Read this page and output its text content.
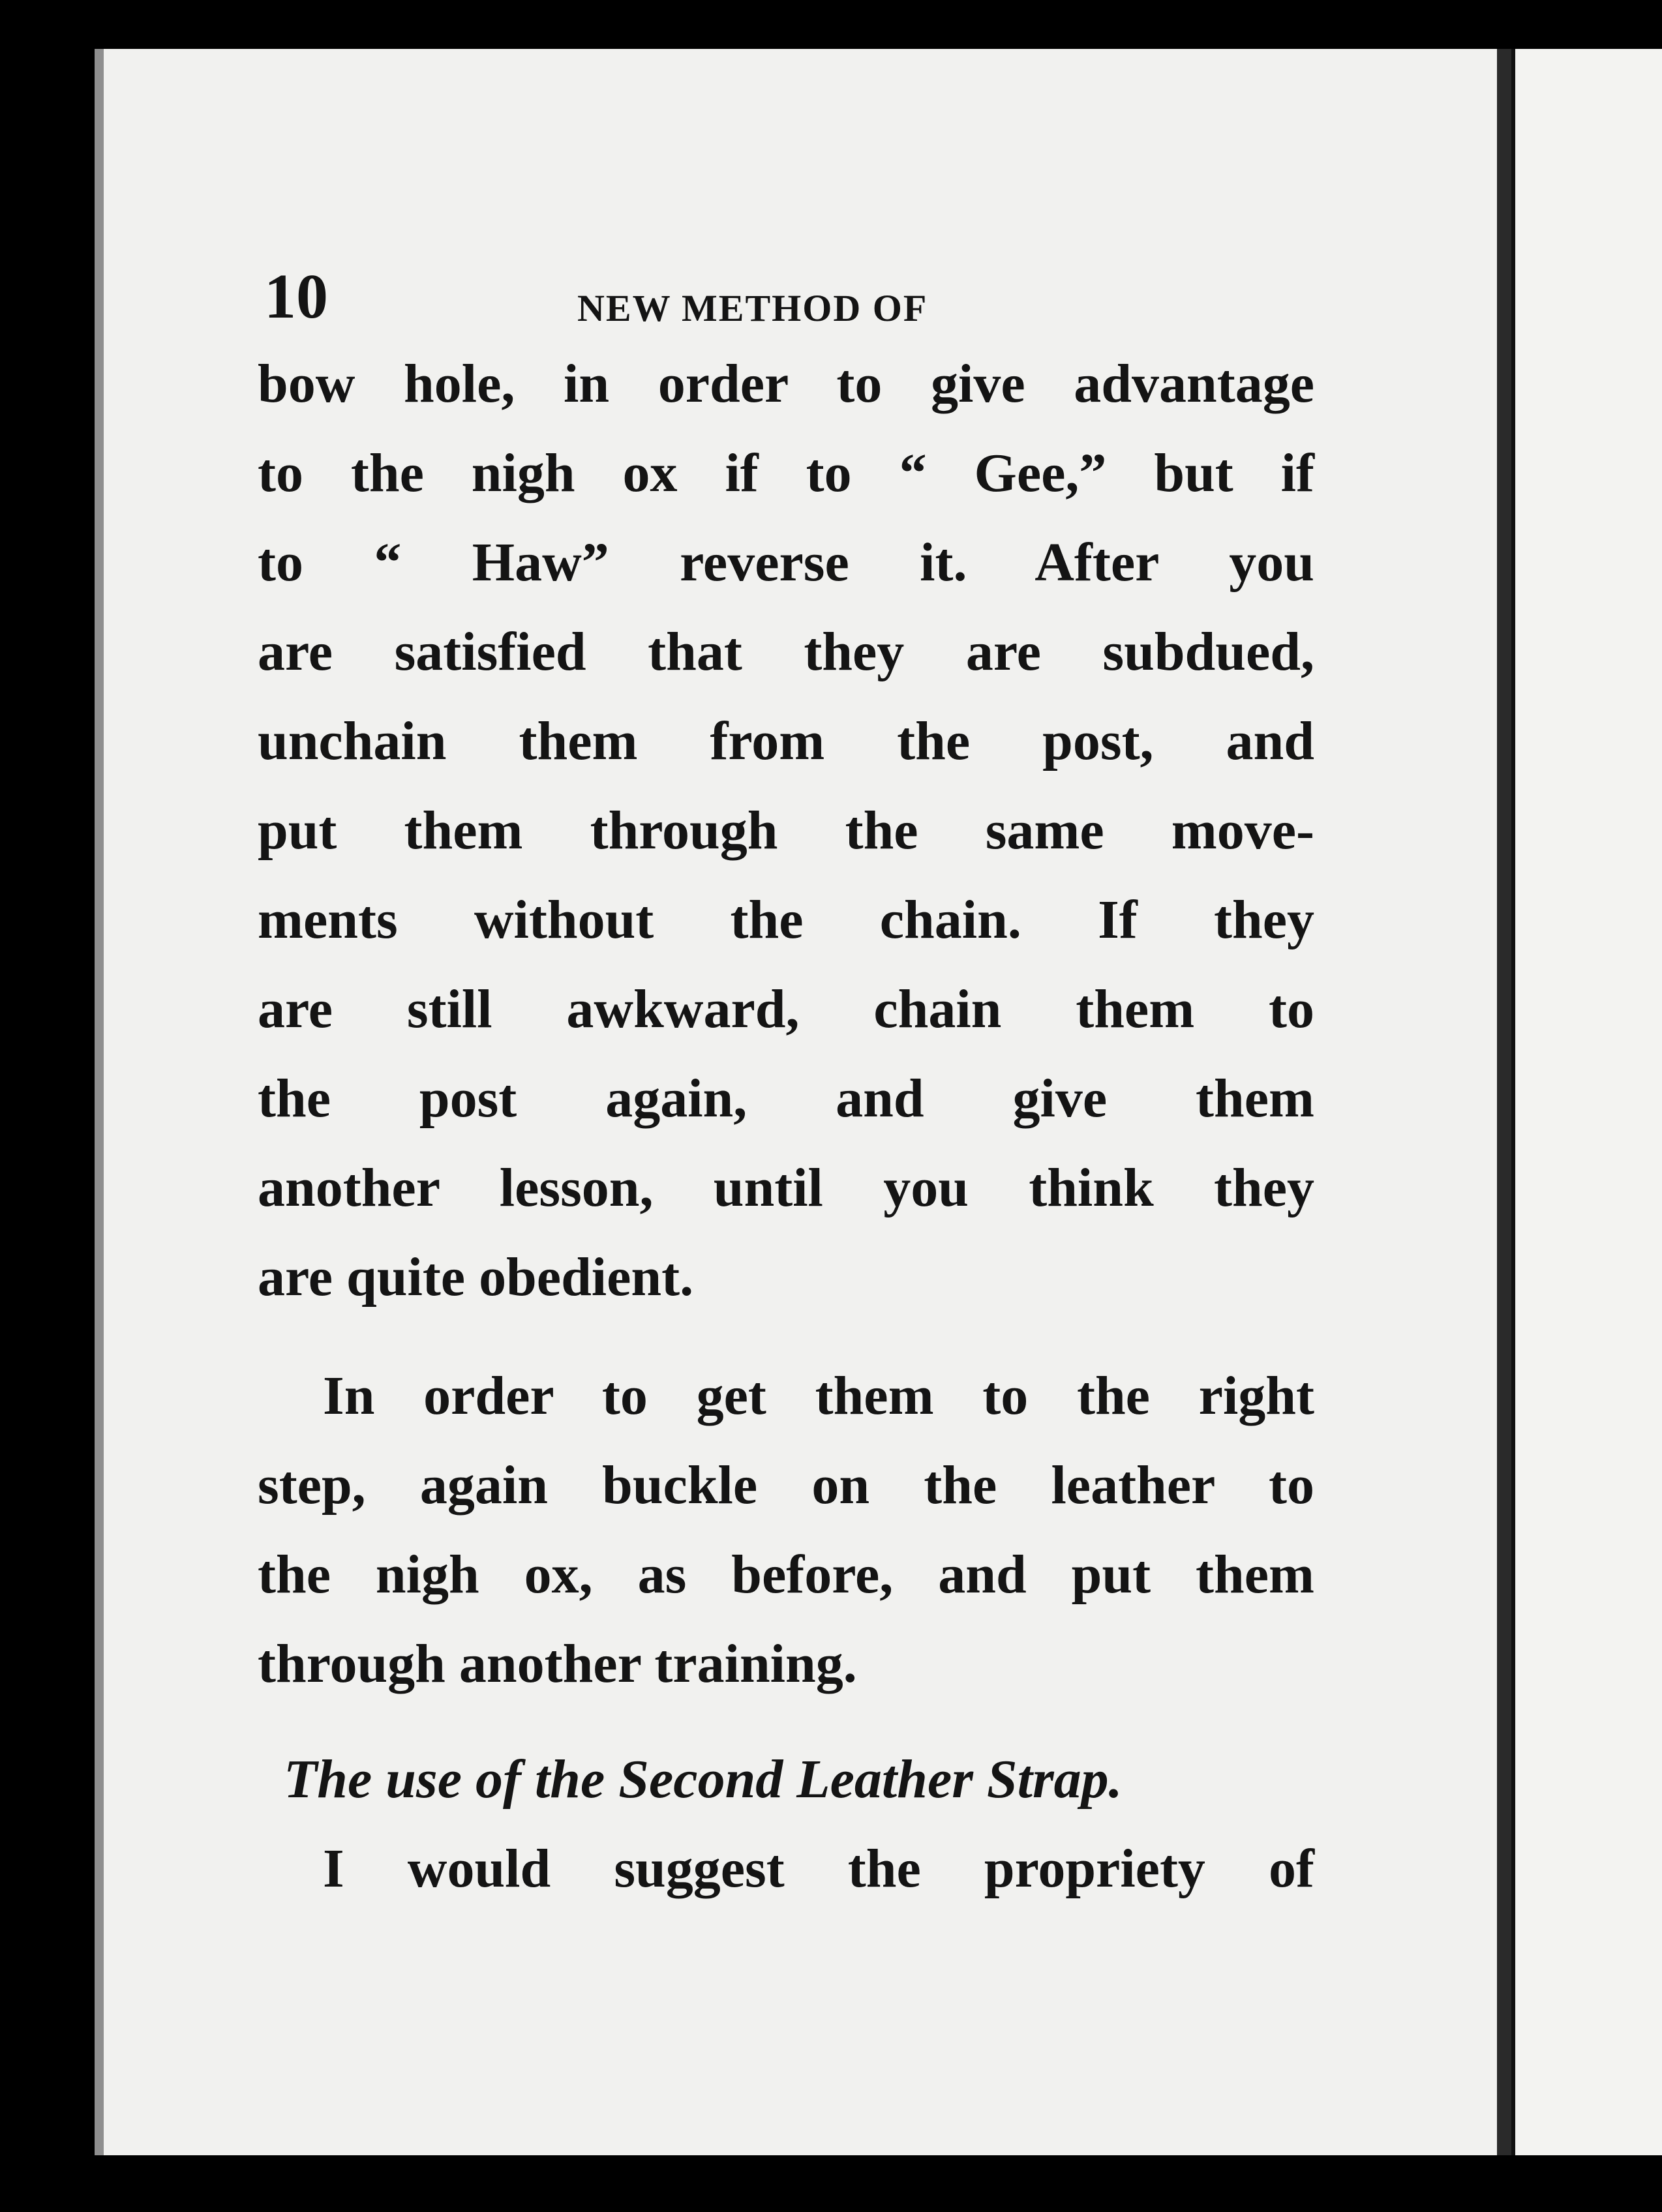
10	NEW METHOD OF
bow hole, in order to give advantage
to the nigh ox if to “ Gee,” but if
to “ Haw” reverse it. After you
are satisfied that they are subdued,
unchain them from the post, and
put them through the same move-
ments without the chain. If they
are still awkward, chain them to
the post again, and give them
another lesson, until you think they
are quite obedient.
In order to get them to the right
step, again buckle on the leather to
the nigh ox, as before, and put them
through another training.
The use of the Second Leather Strap.
I would suggest the propriety of
